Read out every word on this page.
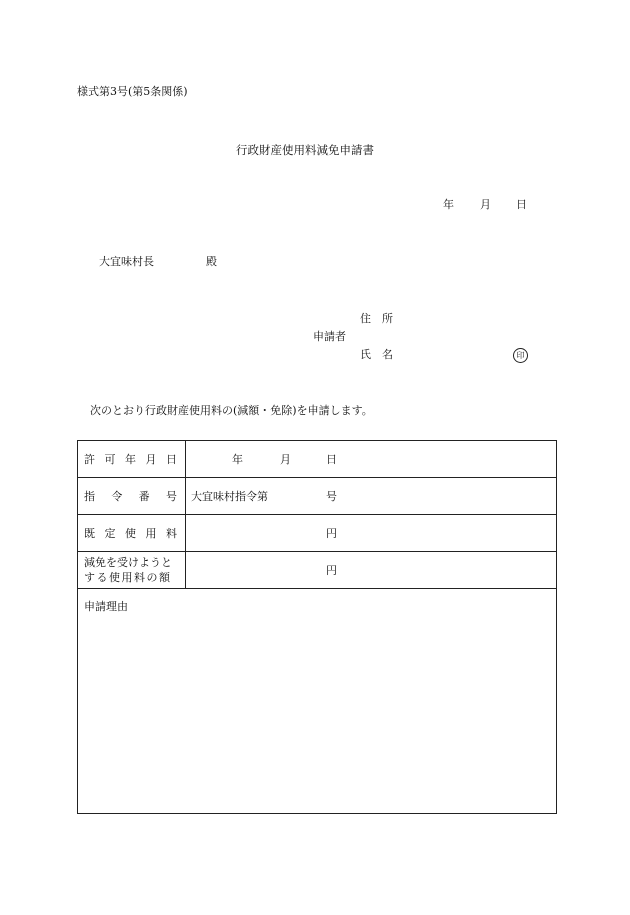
様式第3号(第5条関係)
行政財産使用料減免申請書
年 月 日
大宜味村長	殿
住　所
申請者
氏　名	印
次のとおり行政財産使用料の(減額・免除)を申請します。
許 可 年 月 日	年 月 日

指 令 番 号	大宜味村指令第 号

既 定 使 用 料	円

減免を受けようと
する使用料の額	円

申請理由	
